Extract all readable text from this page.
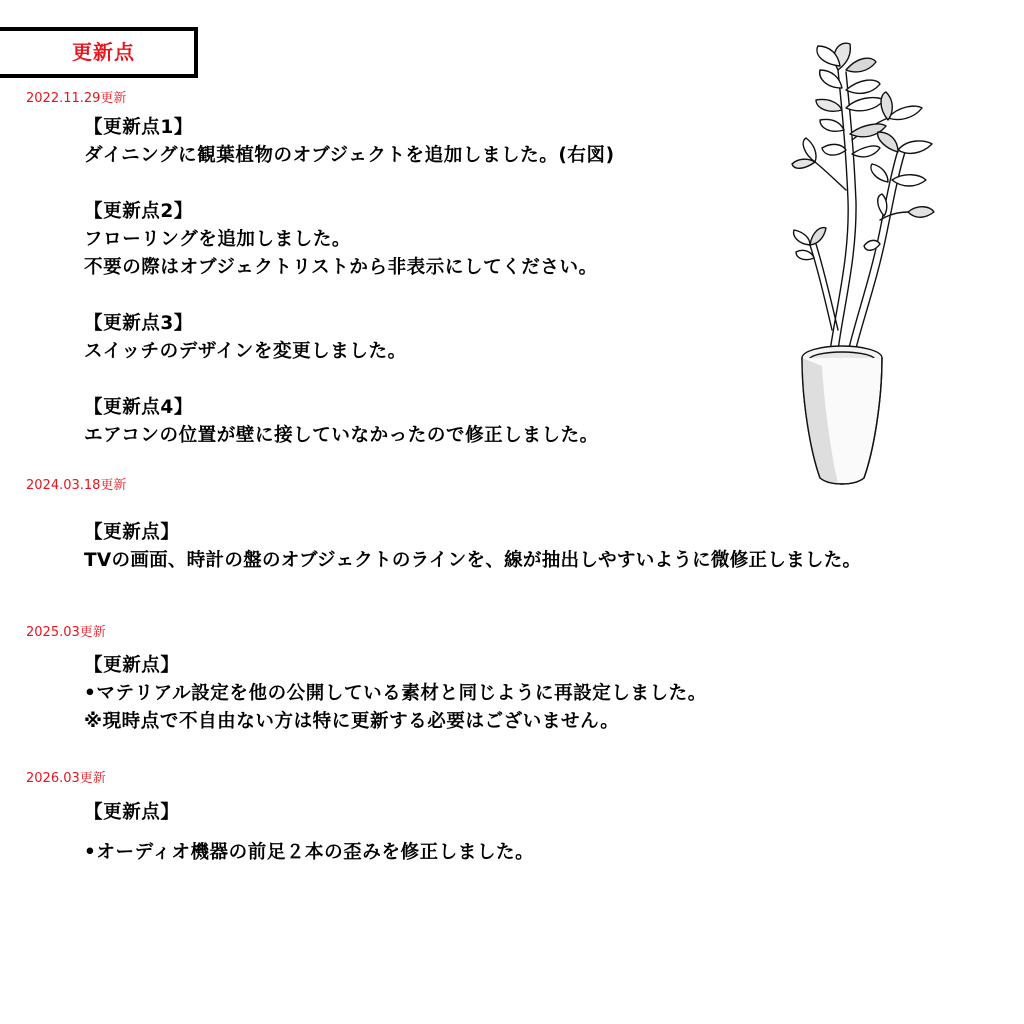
更新点
2022.11.29更新
【更新点1】
ダイニングに観葉植物のオブジェクトを追加しました。(右図)
【更新点2】
フローリングを追加しました。
不要の際はオブジェクトリストから非表示にしてください。
【更新点3】
スイッチのデザインを変更しました。
【更新点4】
エアコンの位置が壁に接していなかったので修正しました。
2024.03.18更新
【更新点】
TVの画面、時計の盤のオブジェクトのラインを、線が抽出しやすいように微修正しました。
2025.03更新
【更新点】
•マテリアル設定を他の公開している素材と同じように再設定しました。
※現時点で不自由ない方は特に更新する必要はございません。
2026.03更新
【更新点】
•オーディオ機器の前足２本の歪みを修正しました。
